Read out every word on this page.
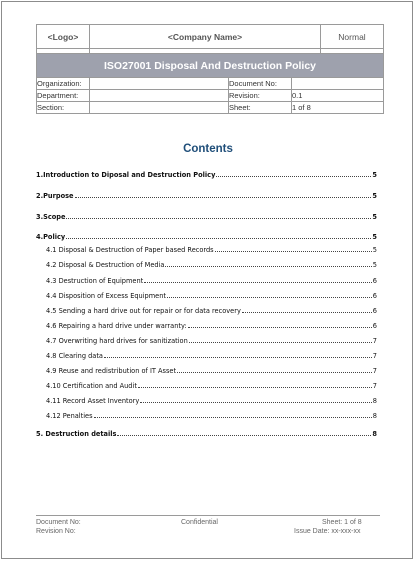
<Logo>	<Company Name>			Normal

ISO27001 Disposal And Destruction Policy				
Organization:		Document No:		
Department:		Revision:	0.1	
Section:		Sheet:	1 of 8	
Contents
1.Introduction to Diposal and Destruction Policy	5
2.Purpose	5
3.Scope	5
4.Policy	5
4.1 Disposal & Destruction of Paper based Records	5
4.2 Disposal & Destruction of Media	5
4.3 Destruction of Equipment	6
4.4 Disposition of Excess Equipment	6
4.5 Sending a hard drive out for repair or for data recovery	6
4.6 Repairing a hard drive under warranty:	6
4.7 Overwriting hard drives for sanitization	7
4.8 Clearing data	7
4.9 Reuse and redistribution of IT Asset	7
4.10 Certification and Audit	7
4.11 Record Asset Inventory	8
4.12 Penalties	8
5. Destruction details	8
Document No:
Revision No:
Confidential	Sheet: 1 of 8
Issue Date: xx-xxx-xx
